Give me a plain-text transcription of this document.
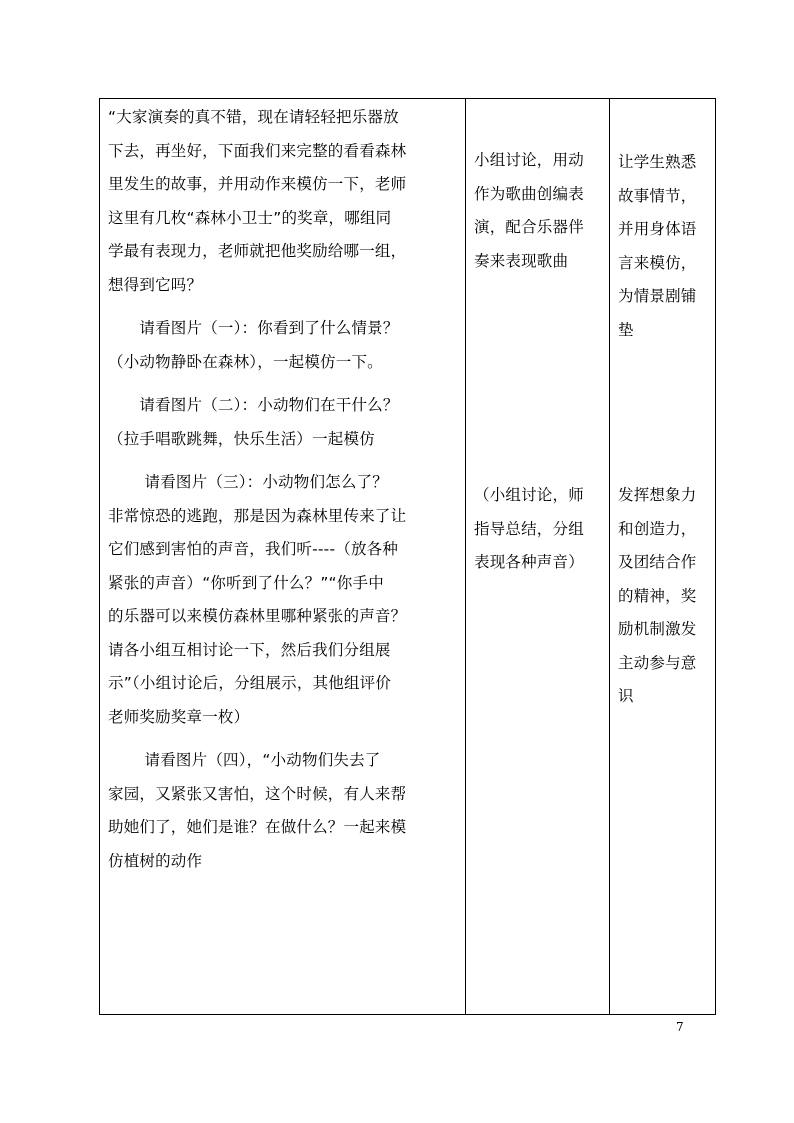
“大家演奏的真不错，现在请轻轻把乐器放
下去，再坐好，下面我们来完整的看看森林
里发生的故事，并用动作来模仿一下，老师
这里有几枚“森林小卫士”的奖章，哪组同
学最有表现力，老师就把他奖励给哪一组，
想得到它吗？
　　请看图片（一）：你看到了什么情景？
（小动物静卧在森林），一起模仿一下。
　　请看图片（二）：小动物们在干什么？
（拉手唱歌跳舞，快乐生活）一起模仿
　　 请看图片（三）：小动物们怎么了？
非常惊恐的逃跑，那是因为森林里传来了让
它们感到害怕的声音，我们听----（放各种
紧张的声音）“你听到了什么？”“你手中
的乐器可以来模仿森林里哪种紧张的声音？
请各小组互相讨论一下，然后我们分组展
示”（小组讨论后，分组展示，其他组评价
老师奖励奖章一枚）
　　 请看图片（四），“小动物们失去了
家园，又紧张又害怕，这个时候，有人来帮
助她们了，她们是谁？在做什么？一起来模
仿植树的动作
小组讨论，用动
作为歌曲创编表
演，配合乐器伴
奏来表现歌曲
（小组讨论，师
指导总结，分组
表现各种声音）
让学生熟悉
故事情节，
并用身体语
言来模仿，
为情景剧铺
垫
发挥想象力
和创造力，
及团结合作
的精神，奖
励机制激发
主动参与意
识
7
